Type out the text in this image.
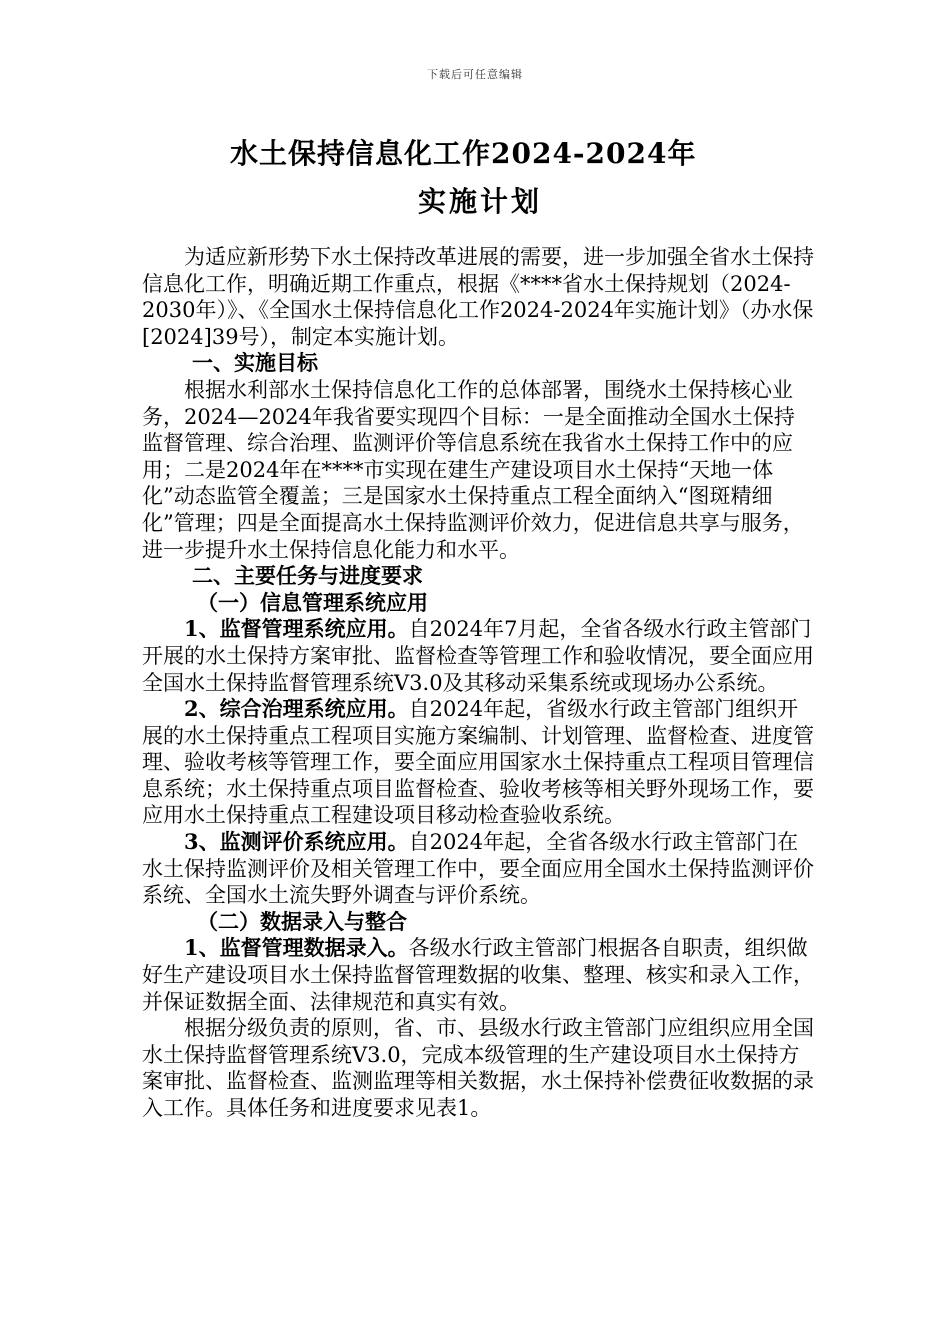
下载后可任意编辑
水土保持信息化工作2024-2024年
实施计划

为适应新形势下水土保持改革进展的需要，进一步加强全省水土保持信息化工作，明确近期工作重点，根据《****省水土保持规划（2024-2030年）》、《全国水土保持信息化工作2024-2024年实施计划》（办水保[2024]39号），制定本实施计划。

一、实施目标

根据水利部水土保持信息化工作的总体部署，围绕水土保持核心业务，2024—2024年我省要实现四个目标：一是全面推动全国水土保持监督管理、综合治理、监测评价等信息系统在我省水土保持工作中的应用；二是2024年在****市实现在建生产建设项目水土保持“天地一体化”动态监管全覆盖；三是国家水土保持重点工程全面纳入“图斑精细化”管理；四是全面提高水土保持监测评价效力，促进信息共享与服务，进一步提升水土保持信息化能力和水平。

二、主要任务与进度要求

（一）信息管理系统应用

1、监督管理系统应用。自2024年7月起，全省各级水行政主管部门开展的水土保持方案审批、监督检查等管理工作和验收情况，要全面应用全国水土保持监督管理系统V3.0及其移动采集系统或现场办公系统。

2、综合治理系统应用。自2024年起，省级水行政主管部门组织开展的水土保持重点工程项目实施方案编制、计划管理、监督检查、进度管理、验收考核等管理工作，要全面应用国家水土保持重点工程项目管理信息系统；水土保持重点项目监督检查、验收考核等相关野外现场工作，要应用水土保持重点工程建设项目移动检查验收系统。

3、监测评价系统应用。自2024年起，全省各级水行政主管部门在水土保持监测评价及相关管理工作中，要全面应用全国水土保持监测评价系统、全国水土流失野外调查与评价系统。

（二）数据录入与整合

1、监督管理数据录入。各级水行政主管部门根据各自职责，组织做好生产建设项目水土保持监督管理数据的收集、整理、核实和录入工作，并保证数据全面、法律规范和真实有效。

根据分级负责的原则，省、市、县级水行政主管部门应组织应用全国水土保持监督管理系统V3.0，完成本级管理的生产建设项目水土保持方案审批、监督检查、监测监理等相关数据，水土保持补偿费征收数据的录入工作。具体任务和进度要求见表1。
